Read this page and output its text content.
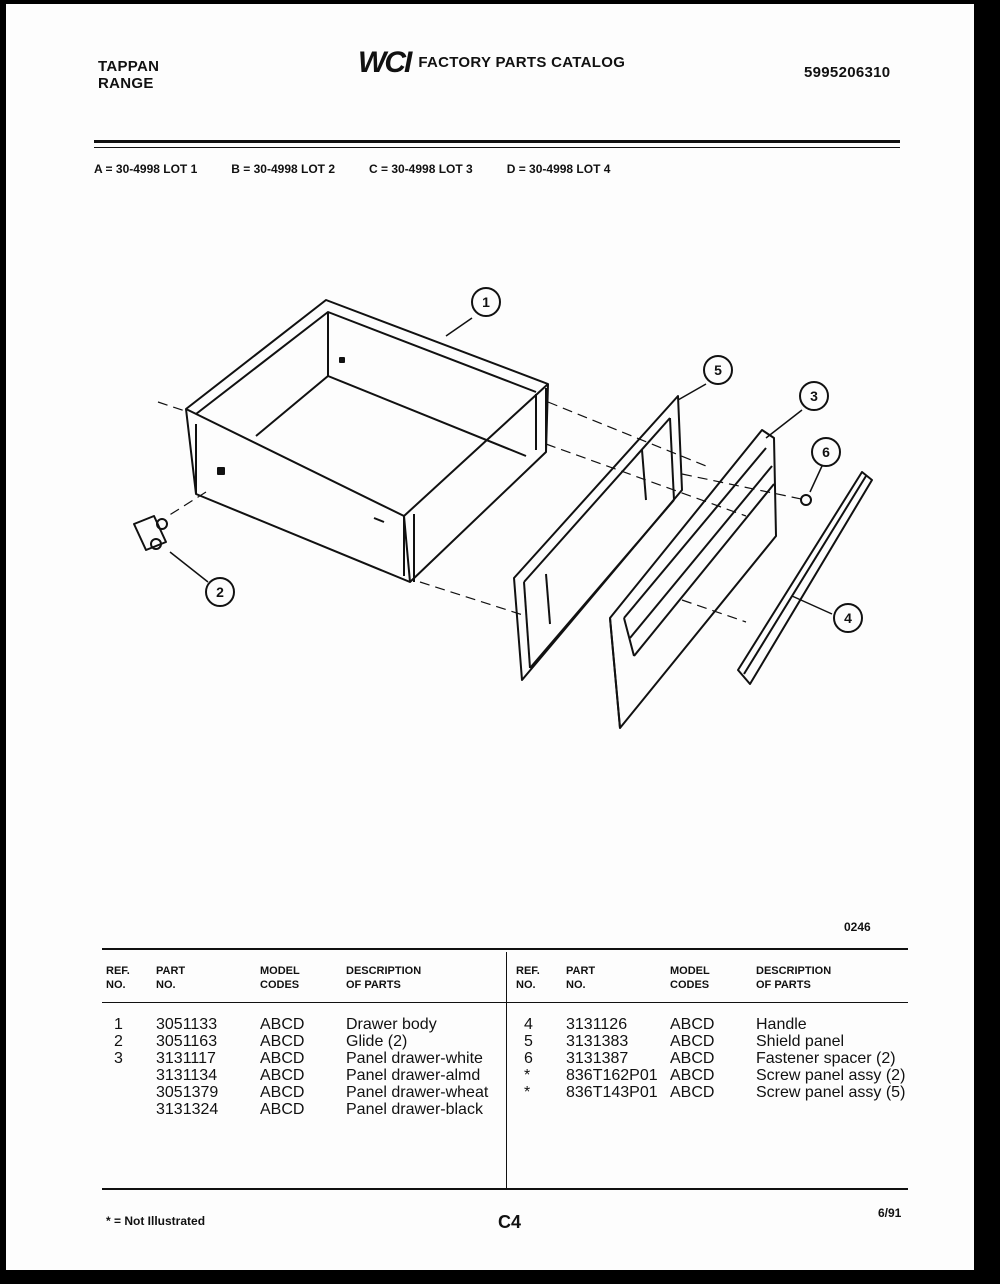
TAPPAN
RANGE
WCI FACTORY PARTS CATALOG
5995206310
A = 30-4998 LOT 1	B = 30-4998 LOT 2	C = 30-4998 LOT 3	D = 30-4998 LOT 4
1
2
3
4
5
6
0246
REF.
NO.
PART
NO.
MODEL
CODES
DESCRIPTION
OF PARTS
1 3051133	ABCD	Drawer body
2 3051163	ABCD	Glide (2)
3 3131117	ABCD	Panel drawer-white
3131134	ABCD	Panel drawer-almd
3051379	ABCD	Panel drawer-wheat
3131324	ABCD	Panel drawer-black
REF.
NO.
PART
NO.
MODEL
CODES
DESCRIPTION
OF PARTS
4 3131126	ABCD	Handle
5 3131383	ABCD	Shield panel
6 3131387	ABCD	Fastener spacer (2)
* 836T162P01 ABCD	Screw panel assy (2)
* 836T143P01 ABCD	Screw panel assy (5)
* = Not Illustrated	C4	6/91
